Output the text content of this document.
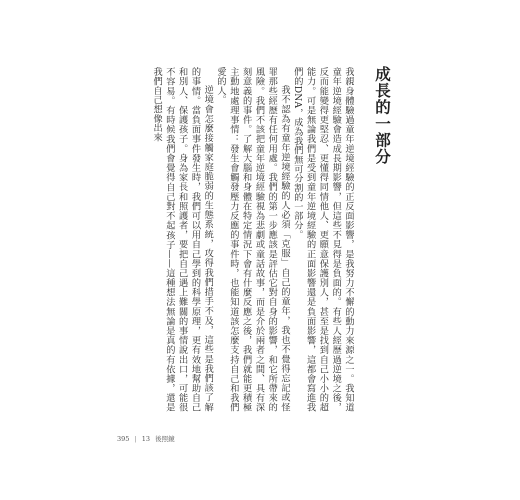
成長的一部分

我親身體驗過童年逆境經驗的正反面影響，是我努力不懈的動力來源之一。我知道童年逆境經驗會造成長期影響，但這些不見得是負面的。有些人經歷過逆境之後，反而能變得更堅忍、更懂得同情他人、更願意保護別人，甚至是找到自己小小的超能力。可是無論我們是受到童年逆境經驗的正面影響還是負面影響，這都會寫進我們的DNA，成為我們無可分割的一部分。

我不認為有童年逆境經驗的人必須「克服」自己的童年，我也不覺得忘記或怪罪那些經歷有任何用處。我們的第一步應該是評估它對自身的影響，和它所帶來的風險。我們不該把童年逆境經驗視為悲劇或童話故事，而是介於兩者之間、具有深刻意義的事件。了解大腦和身體在特定情況下會有什麼反應之後，我們就能更積極主動地處理事情：發生會觸發壓力反應的事件時，也能知道該怎麼支持自己和我們愛的人。

逆境會怎麼接觸家庭脆弱的生態系統，攻得我們措手不及，這些是我們該了解的事情。當負面事件發生時，我們可以用自己學到的科學原理，更有效地幫助自己和別人、保護孩子。身為家長和照護者，要把自己遇上難關的事情說出口，可能很不容易。有時候我們會覺得自己對不起孩子——這種想法無論是真的有依據，還是我們自己想像出來

395 | 13 後照鏡
